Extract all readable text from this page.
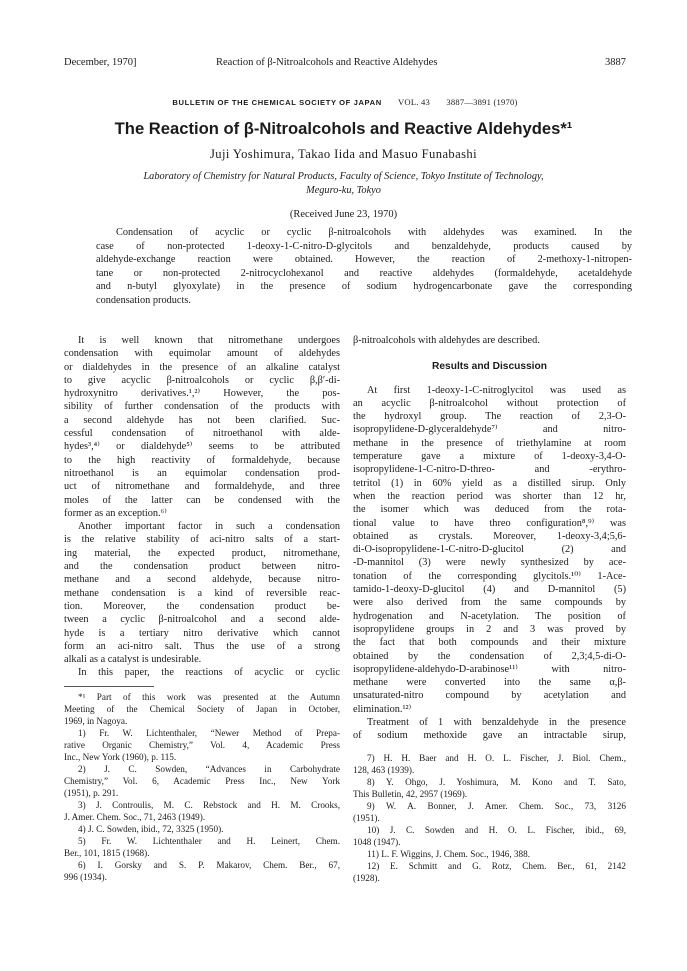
December, 1970]	Reaction of β-Nitroalcohols and Reactive Aldehydes	3887
BULLETIN OF THE CHEMICAL SOCIETY OF JAPAN VOL. 43 3887—3891 (1970)
The Reaction of β-Nitroalcohols and Reactive Aldehydes*¹
Juji Yoshimura, Takao Iida and Masuo Funabashi
Laboratory of Chemistry for Natural Products, Faculty of Science, Tokyo Institute of Technology,
Meguro-ku, Tokyo
(Received June 23, 1970)
Condensation of acyclic or cyclic β-nitroalcohols with aldehydes was examined. In the
case of non-protected 1-deoxy-1-C-nitro-D-glycitols and benzaldehyde, products caused by
aldehyde-exchange reaction were obtained. However, the reaction of 2-methoxy-1-nitropen-
tane or non-protected 2-nitrocyclohexanol and reactive aldehydes (formaldehyde, acetaldehyde
and n-butyl glyoxylate) in the presence of sodium hydrogencarbonate gave the corresponding
condensation products.
It is well known that nitromethane undergoes
condensation with equimolar amount of aldehydes
or dialdehydes in the presence of an alkaline catalyst
to give acyclic β-nitroalcohols or cyclic β,β′-di-
hydroxynitro derivatives.¹,²⁾ However, the pos-
sibility of further condensation of the products with
a second aldehyde has not been clarified. Suc-
cessful condensation of nitroethanol with alde-
hydes³,⁴⁾ or dialdehyde⁵⁾ seems to be attributed
to the high reactivity of formaldehyde, because
nitroethanol is an equimolar condensation prod-
uct of nitromethane and formaldehyde, and three
moles of the latter can be condensed with the
former as an exception.⁶⁾
Another important factor in such a condensation
is the relative stability of aci-nitro salts of a start-
ing material, the expected product, nitromethane,
and the condensation product between nitro-
methane and a second aldehyde, because nitro-
methane condensation is a kind of reversible reac-
tion. Moreover, the condensation product be-
tween a cyclic β-nitroalcohol and a second alde-
hyde is a tertiary nitro derivative which cannot
form an aci-nitro salt. Thus the use of a strong
alkali as a catalyst is undesirable.
In this paper, the reactions of acyclic or cyclic
*¹ Part of this work was presented at the Autumn
Meeting of the Chemical Society of Japan in October,
1969, in Nagoya.
1) Fr. W. Lichtenthaler, “Newer Method of Prepa-
rative Organic Chemistry,” Vol. 4, Academic Press
Inc., New York (1960), p. 115.
2) J. C. Sowden, “Advances in Carbohydrate
Chemistry,” Vol. 6, Academic Press Inc., New York
(1951), p. 291.
3) J. Controulis, M. C. Rebstock and H. M. Crooks,
J. Amer. Chem. Soc., 71, 2463 (1949).
4) J. C. Sowden, ibid., 72, 3325 (1950).
5) Fr. W. Lichtenthaler and H. Leinert, Chem.
Ber., 101, 1815 (1968).
6) I. Gorsky and S. P. Makarov, Chem. Ber., 67,
996 (1934).
β-nitroalcohols with aldehydes are described.
Results and Discussion
At first 1-deoxy-1-C-nitroglycitol was used as
an acyclic β-nitroalcohol without protection of
the hydroxyl group. The reaction of 2,3-O-
isopropylidene-D-glyceraldehyde⁷⁾ and nitro-
methane in the presence of triethylamine at room
temperature gave a mixture of 1-deoxy-3,4-O-
isopropylidene-1-C-nitro-D-threo- and -erythro-
tetritol (1) in 60% yield as a distilled sirup. Only
when the reaction period was shorter than 12 hr,
the isomer which was deduced from the rota-
tional value to have threo configuration⁸,⁹⁾ was
obtained as crystals. Moreover, 1-deoxy-3,4;5,6-
di-O-isopropylidene-1-C-nitro-D-glucitol (2) and
-D-mannitol (3) were newly synthesized by ace-
tonation of the corresponding glycitols.¹⁰⁾ 1-Ace-
tamido-1-deoxy-D-glucitol (4) and D-mannitol (5)
were also derived from the same compounds by
hydrogenation and N-acetylation. The position of
isopropylidene groups in 2 and 3 was proved by
the fact that both compounds and their mixture
obtained by the condensation of 2,3;4,5-di-O-
isopropylidene-aldehydo-D-arabinose¹¹⁾ with nitro-
methane were converted into the same α,β-
unsaturated-nitro compound by acetylation and
elimination.¹²⁾
Treatment of 1 with benzaldehyde in the presence
of sodium methoxide gave an intractable sirup,
7) H. H. Baer and H. O. L. Fischer, J. Biol. Chem.,
128, 463 (1939).
8) Y. Ohgo, J. Yoshimura, M. Kono and T. Sato,
This Bulletin, 42, 2957 (1969).
9) W. A. Bonner, J. Amer. Chem. Soc., 73, 3126
(1951).
10) J. C. Sowden and H. O. L. Fischer, ibid., 69,
1048 (1947).
11) L. F. Wiggins, J. Chem. Soc., 1946, 388.
12) E. Schmitt and G. Rotz, Chem. Ber., 61, 2142
(1928).
